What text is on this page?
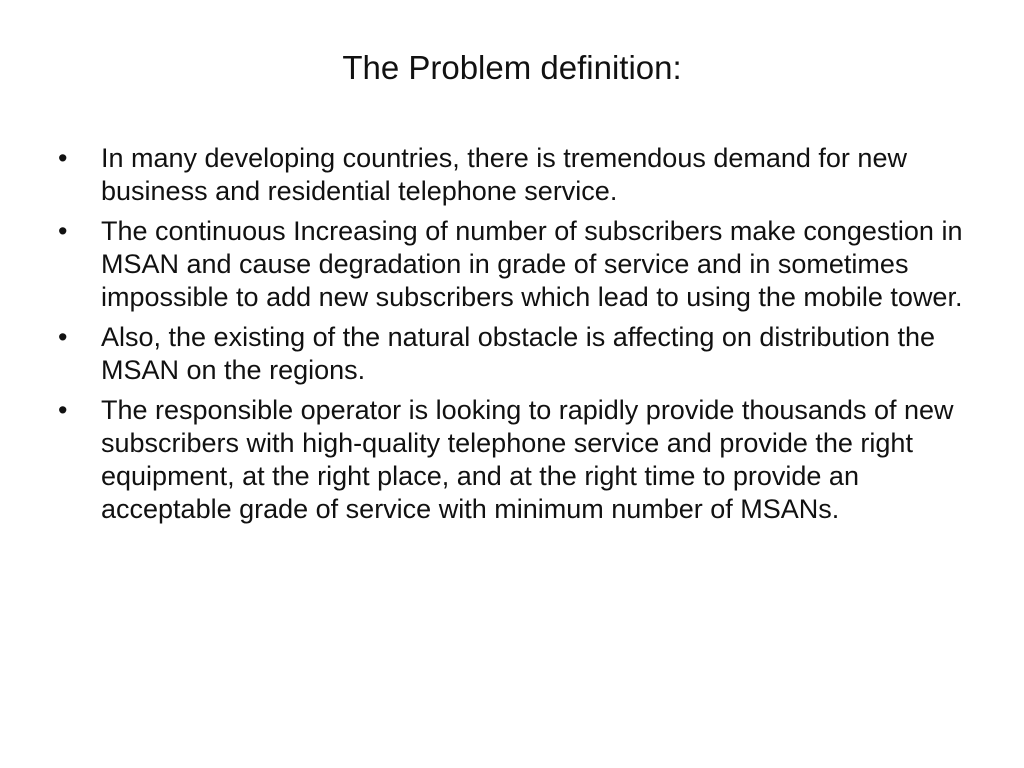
The Problem definition:
•	In many developing countries, there is tremendous demand for new business and residential telephone service.
•	The continuous Increasing of number of subscribers make congestion in MSAN and cause degradation in grade of service and in sometimes impossible to add new subscribers which lead to using the mobile tower.
•	Also, the existing of the natural obstacle is affecting on distribution the MSAN on the regions.
•	The responsible operator is looking to rapidly provide thousands of new subscribers with high-quality telephone service and provide the right equipment, at the right place, and at the right time to provide an acceptable grade of service with minimum number of MSANs.
